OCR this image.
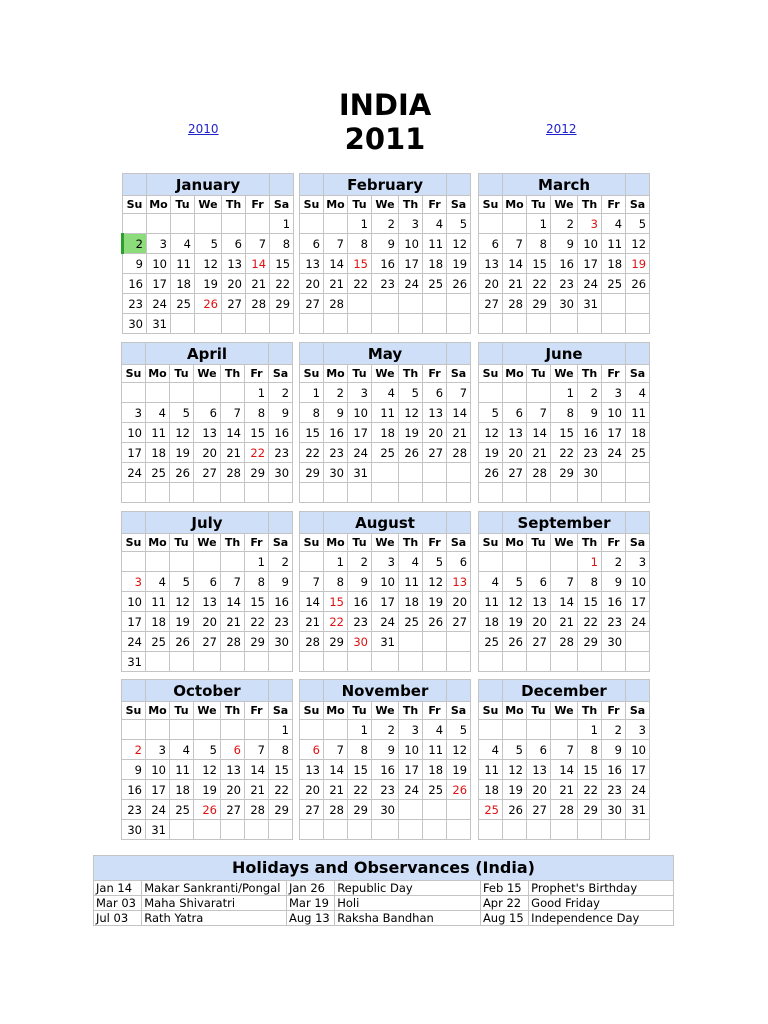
INDIA
2011
2010	2012
	January					
Su	Mo	Tu	We	Th	Fr	Sa
						1
2	3	4	5	6	7	8
9	10	11	12	13	14	15
16	17	18	19	20	21	22
23	24	25	26	27	28	29
30	31					
	February					
Su	Mo	Tu	We	Th	Fr	Sa
		1	2	3	4	5
6	7	8	9	10	11	12
13	14	15	16	17	18	19
20	21	22	23	24	25	26
27	28					

	March					
Su	Mo	Tu	We	Th	Fr	Sa
		1	2	3	4	5
6	7	8	9	10	11	12
13	14	15	16	17	18	19
20	21	22	23	24	25	26
27	28	29	30	31		

	April					
Su	Mo	Tu	We	Th	Fr	Sa
					1	2
3	4	5	6	7	8	9
10	11	12	13	14	15	16
17	18	19	20	21	22	23
24	25	26	27	28	29	30

	May					
Su	Mo	Tu	We	Th	Fr	Sa
1	2	3	4	5	6	7
8	9	10	11	12	13	14
15	16	17	18	19	20	21
22	23	24	25	26	27	28
29	30	31				

	June					
Su	Mo	Tu	We	Th	Fr	Sa
			1	2	3	4
5	6	7	8	9	10	11
12	13	14	15	16	17	18
19	20	21	22	23	24	25
26	27	28	29	30		

	July					
Su	Mo	Tu	We	Th	Fr	Sa
					1	2
3	4	5	6	7	8	9
10	11	12	13	14	15	16
17	18	19	20	21	22	23
24	25	26	27	28	29	30
31						
	August					
Su	Mo	Tu	We	Th	Fr	Sa
	1	2	3	4	5	6
7	8	9	10	11	12	13
14	15	16	17	18	19	20
21	22	23	24	25	26	27
28	29	30	31			

	September					
Su	Mo	Tu	We	Th	Fr	Sa
				1	2	3
4	5	6	7	8	9	10
11	12	13	14	15	16	17
18	19	20	21	22	23	24
25	26	27	28	29	30	

	October					
Su	Mo	Tu	We	Th	Fr	Sa
						1
2	3	4	5	6	7	8
9	10	11	12	13	14	15
16	17	18	19	20	21	22
23	24	25	26	27	28	29
30	31					
	November					
Su	Mo	Tu	We	Th	Fr	Sa
		1	2	3	4	5
6	7	8	9	10	11	12
13	14	15	16	17	18	19
20	21	22	23	24	25	26
27	28	29	30			

	December					
Su	Mo	Tu	We	Th	Fr	Sa
				1	2	3
4	5	6	7	8	9	10
11	12	13	14	15	16	17
18	19	20	21	22	23	24
25	26	27	28	29	30	31

Holidays and Observances (India)					
Jan 14	Makar Sankranti/Pongal	Jan 26	Republic Day	Feb 15	Prophet's Birthday
Mar 03	Maha Shivaratri	Mar 19	Holi	Apr 22	Good Friday
Jul 03	Rath Yatra	Aug 13	Raksha Bandhan	Aug 15	Independence Day
